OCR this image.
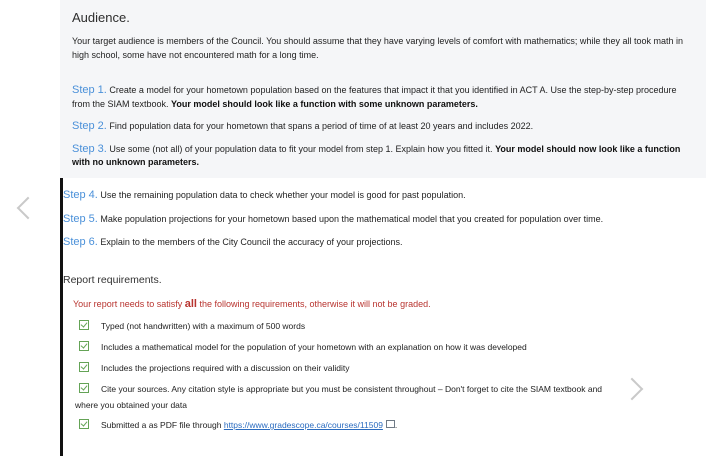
Audience.

Your target audience is members of the Council. You should assume that they have varying levels of comfort with mathematics; while they all took math in high school, some have not encountered math for a long time.

Step 1. Create a model for your hometown population based on the features that impact it that you identified in ACT A. Use the step-by-step procedure from the SIAM textbook. Your model should look like a function with some unknown parameters.

Step 2. Find population data for your hometown that spans a period of time of at least 20 years and includes 2022.

Step 3. Use some (not all) of your population data to fit your model from step 1. Explain how you fitted it. Your model should now look like a function with no unknown parameters.

Step 4. Use the remaining population data to check whether your model is good for past population.
Step 5. Make population projections for your hometown based upon the mathematical model that you created for population over time.
Step 6. Explain to the members of the City Council the accuracy of your projections.
Report requirements.
Your report needs to satisfy all the following requirements, otherwise it will not be graded.
Typed (not handwritten) with a maximum of 500 words
Includes a mathematical model for the population of your hometown with an explanation on how it was developed
Includes the projections required with a discussion on their validity
Cite your sources. Any citation style is appropriate but you must be consistent throughout – Don't forget to cite the SIAM textbook and
where you obtained your data
Submitted a as PDF file through https://www.gradescope.ca/courses/11509 .
